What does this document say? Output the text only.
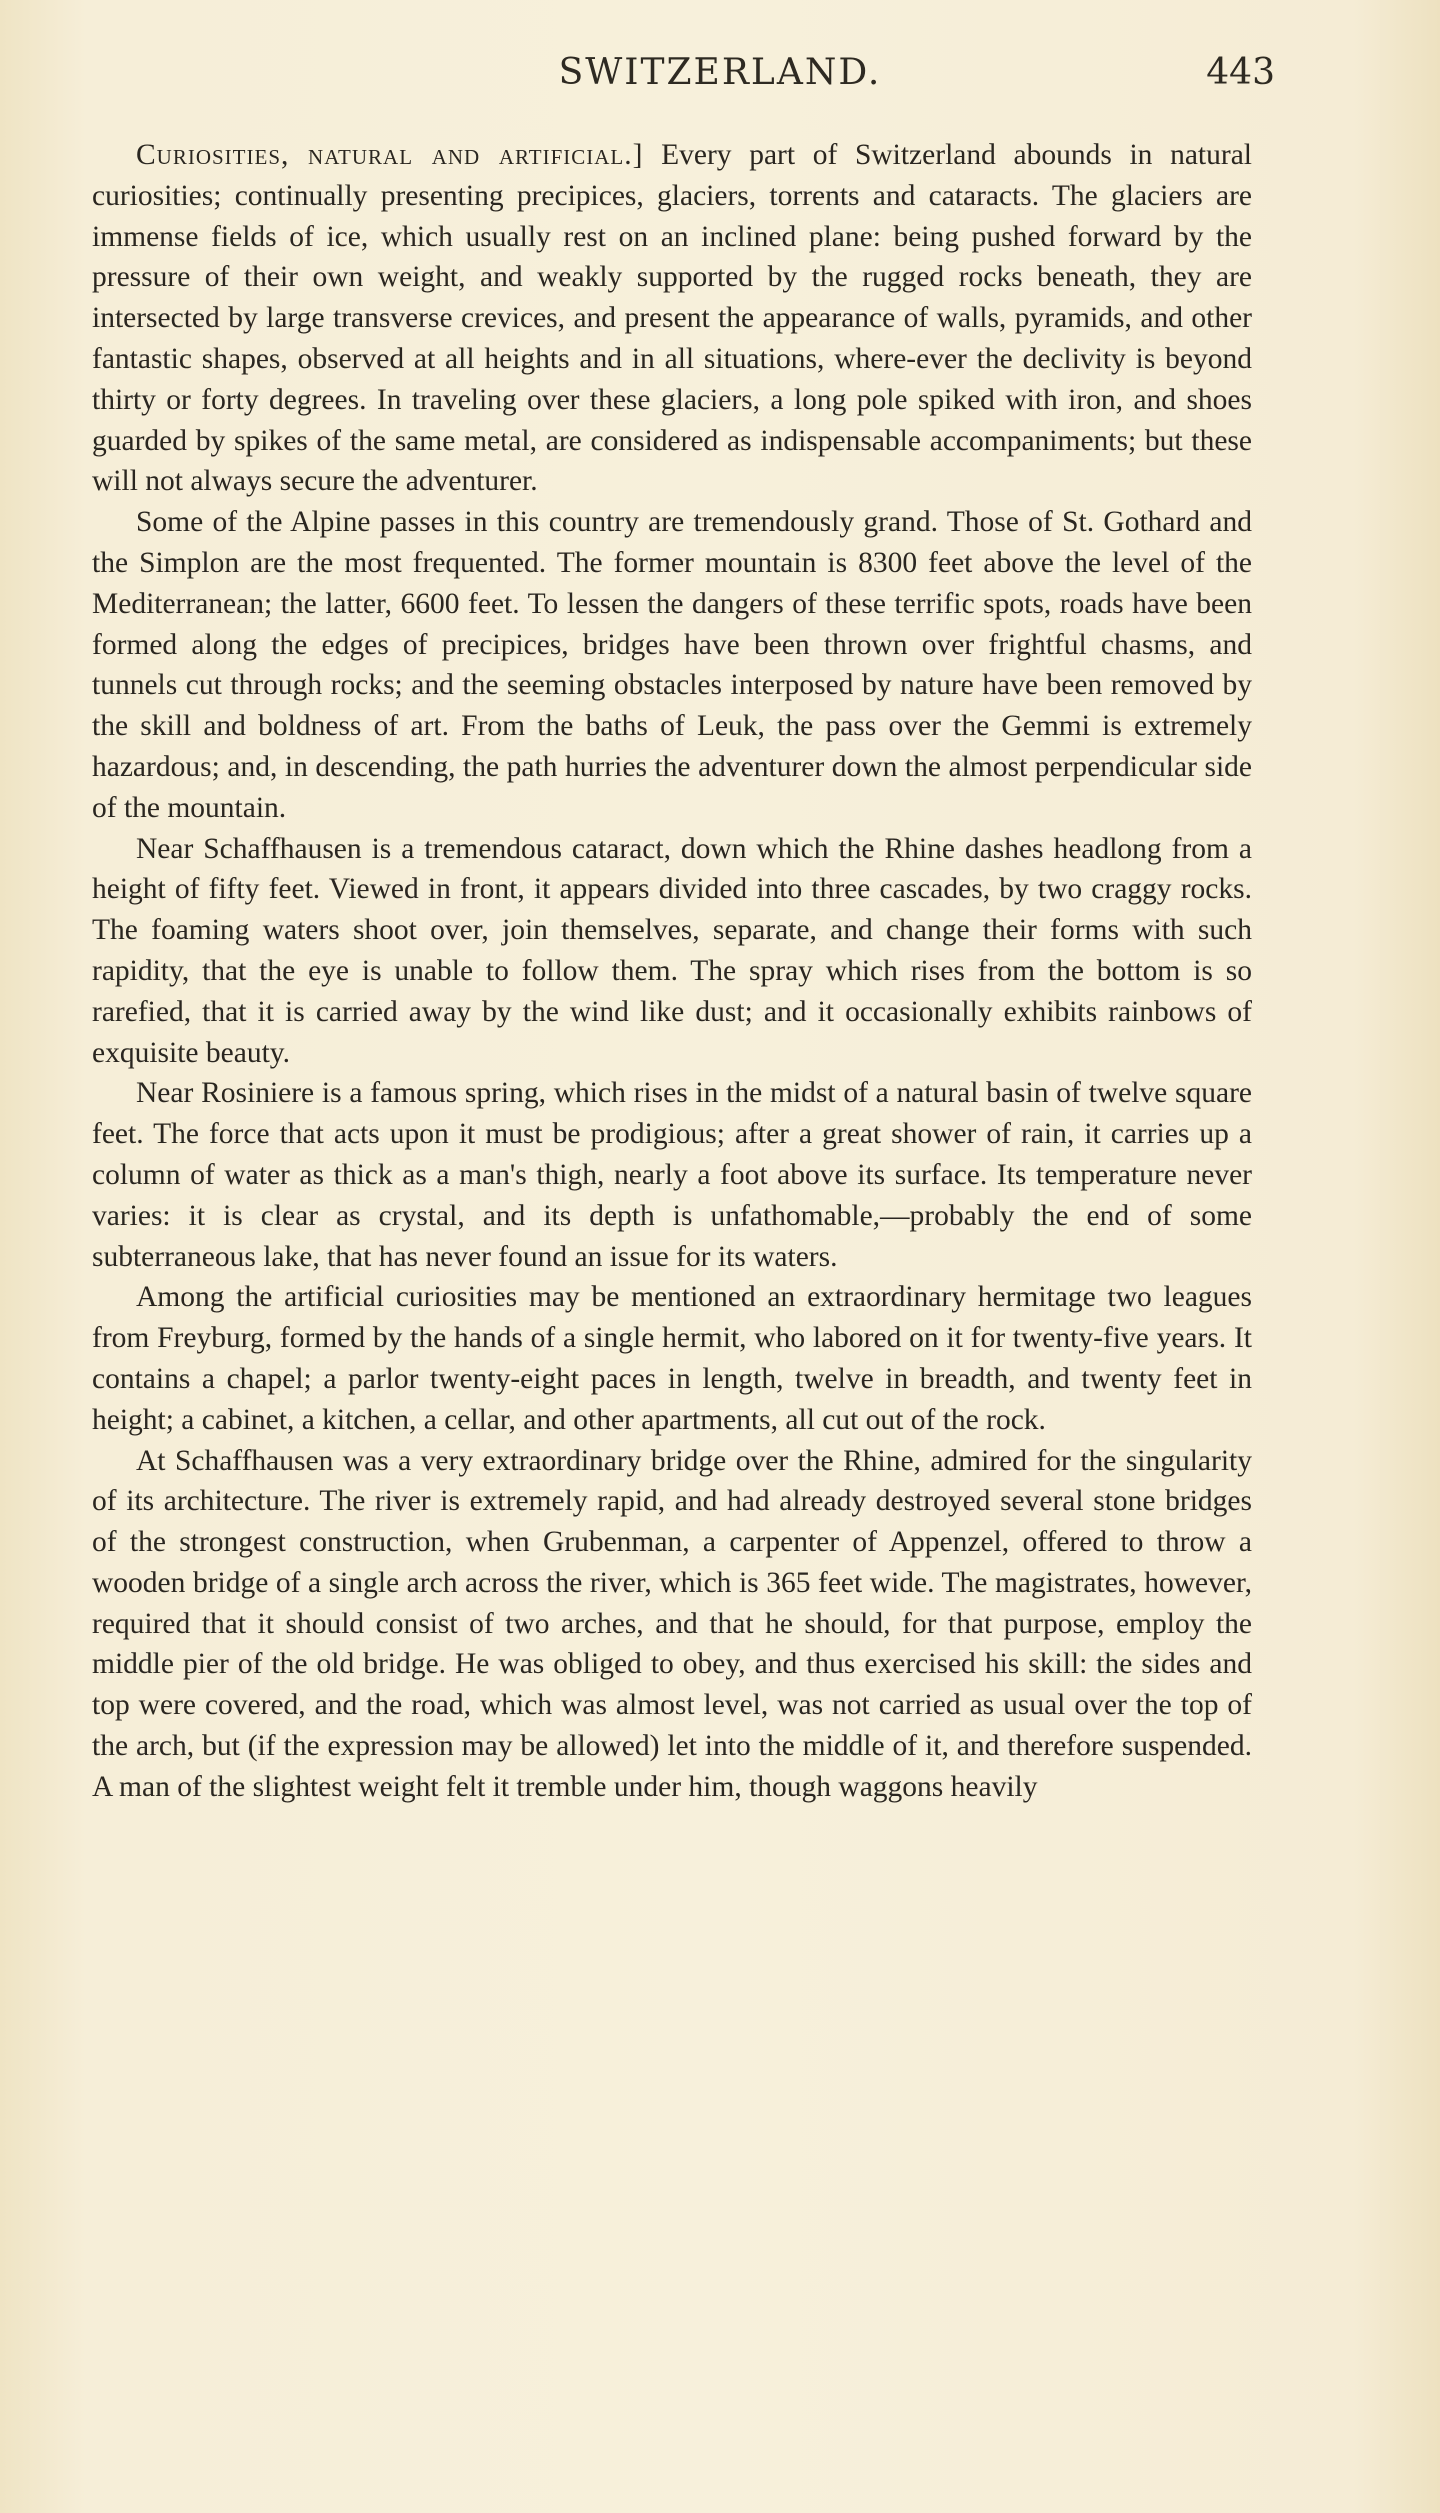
SWITZERLAND.	443

Curiosities, natural and artificial.] Every part of Switzerland abounds in natural curiosities; continually presenting precipices, glaciers, torrents and cataracts. The glaciers are immense fields of ice, which usually rest on an inclined plane: being pushed forward by the pressure of their own weight, and weakly supported by the rugged rocks beneath, they are intersected by large transverse crevices, and present the appearance of walls, pyramids, and other fantastic shapes, observed at all heights and in all situations, where-ever the declivity is beyond thirty or forty degrees. In traveling over these glaciers, a long pole spiked with iron, and shoes guarded by spikes of the same metal, are considered as indispensable accompaniments; but these will not always secure the adventurer.

Some of the Alpine passes in this country are tremendously grand. Those of St. Gothard and the Simplon are the most frequented. The former mountain is 8300 feet above the level of the Mediterranean; the latter, 6600 feet. To lessen the dangers of these terrific spots, roads have been formed along the edges of precipices, bridges have been thrown over frightful chasms, and tunnels cut through rocks; and the seeming obstacles interposed by nature have been removed by the skill and boldness of art. From the baths of Leuk, the pass over the Gemmi is extremely hazardous; and, in descending, the path hurries the adventurer down the almost perpendicular side of the mountain.

Near Schaffhausen is a tremendous cataract, down which the Rhine dashes headlong from a height of fifty feet. Viewed in front, it appears divided into three cascades, by two craggy rocks. The foaming waters shoot over, join themselves, separate, and change their forms with such rapidity, that the eye is unable to follow them. The spray which rises from the bottom is so rarefied, that it is carried away by the wind like dust; and it occasionally exhibits rainbows of exquisite beauty.

Near Rosiniere is a famous spring, which rises in the midst of a natural basin of twelve square feet. The force that acts upon it must be prodigious; after a great shower of rain, it carries up a column of water as thick as a man's thigh, nearly a foot above its surface. Its temperature never varies: it is clear as crystal, and its depth is unfathomable,—probably the end of some subterraneous lake, that has never found an issue for its waters.

Among the artificial curiosities may be mentioned an extraordinary hermitage two leagues from Freyburg, formed by the hands of a single hermit, who labored on it for twenty-five years. It contains a chapel; a parlor twenty-eight paces in length, twelve in breadth, and twenty feet in height; a cabinet, a kitchen, a cellar, and other apartments, all cut out of the rock.

At Schaffhausen was a very extraordinary bridge over the Rhine, admired for the singularity of its architecture. The river is extremely rapid, and had already destroyed several stone bridges of the strongest construction, when Grubenman, a carpenter of Appenzel, offered to throw a wooden bridge of a single arch across the river, which is 365 feet wide. The magistrates, however, required that it should consist of two arches, and that he should, for that purpose, employ the middle pier of the old bridge. He was obliged to obey, and thus exercised his skill: the sides and top were covered, and the road, which was almost level, was not carried as usual over the top of the arch, but (if the expression may be allowed) let into the middle of it, and therefore suspended. A man of the slightest weight felt it tremble under him, though waggons heavily
